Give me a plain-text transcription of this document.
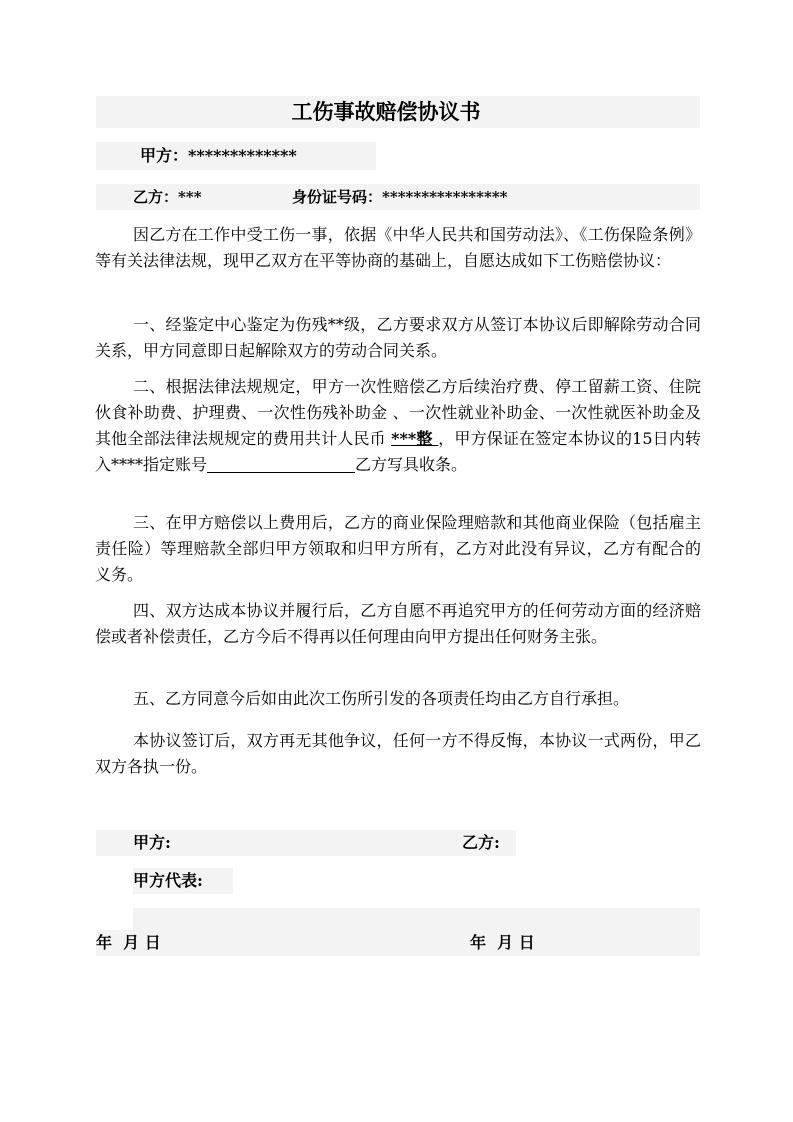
工伤事故赔偿协议书
甲方：*************
乙方：***	身份证号码：****************
因乙方在工作中受工伤一事，依据《中华人民共和国劳动法》、《工伤保险条例》等有关法律法规，现甲乙双方在平等协商的基础上，自愿达成如下工伤赔偿协议：
一、经鉴定中心鉴定为伤残**级，乙方要求双方从签订本协议后即解除劳动合同关系，甲方同意即日起解除双方的劳动合同关系。
二、根据法律法规规定，甲方一次性赔偿乙方后续治疗费、停工留薪工资、住院伙食补助费、护理费、一次性伤残补助金 、一次性就业补助金、一次性就医补助金及其他全部法律法规规定的费用共计人民币 ***整 ，甲方保证在签定本协议的15日内转入****指定账号	乙方写具收条。
三、在甲方赔偿以上费用后，乙方的商业保险理赔款和其他商业保险（包括雇主责任险）等理赔款全部归甲方领取和归甲方所有，乙方对此没有异议，乙方有配合的义务。
四、双方达成本协议并履行后，乙方自愿不再追究甲方的任何劳动方面的经济赔偿或者补偿责任，乙方今后不得再以任何理由向甲方提出任何财务主张。
五、乙方同意今后如由此次工伤所引发的各项责任均由乙方自行承担。
本协议签订后，双方再无其他争议，任何一方不得反悔，本协议一式两份，甲乙双方各执一份。
甲方:	乙方:
甲方代表:
年  月 日	年  月 日
